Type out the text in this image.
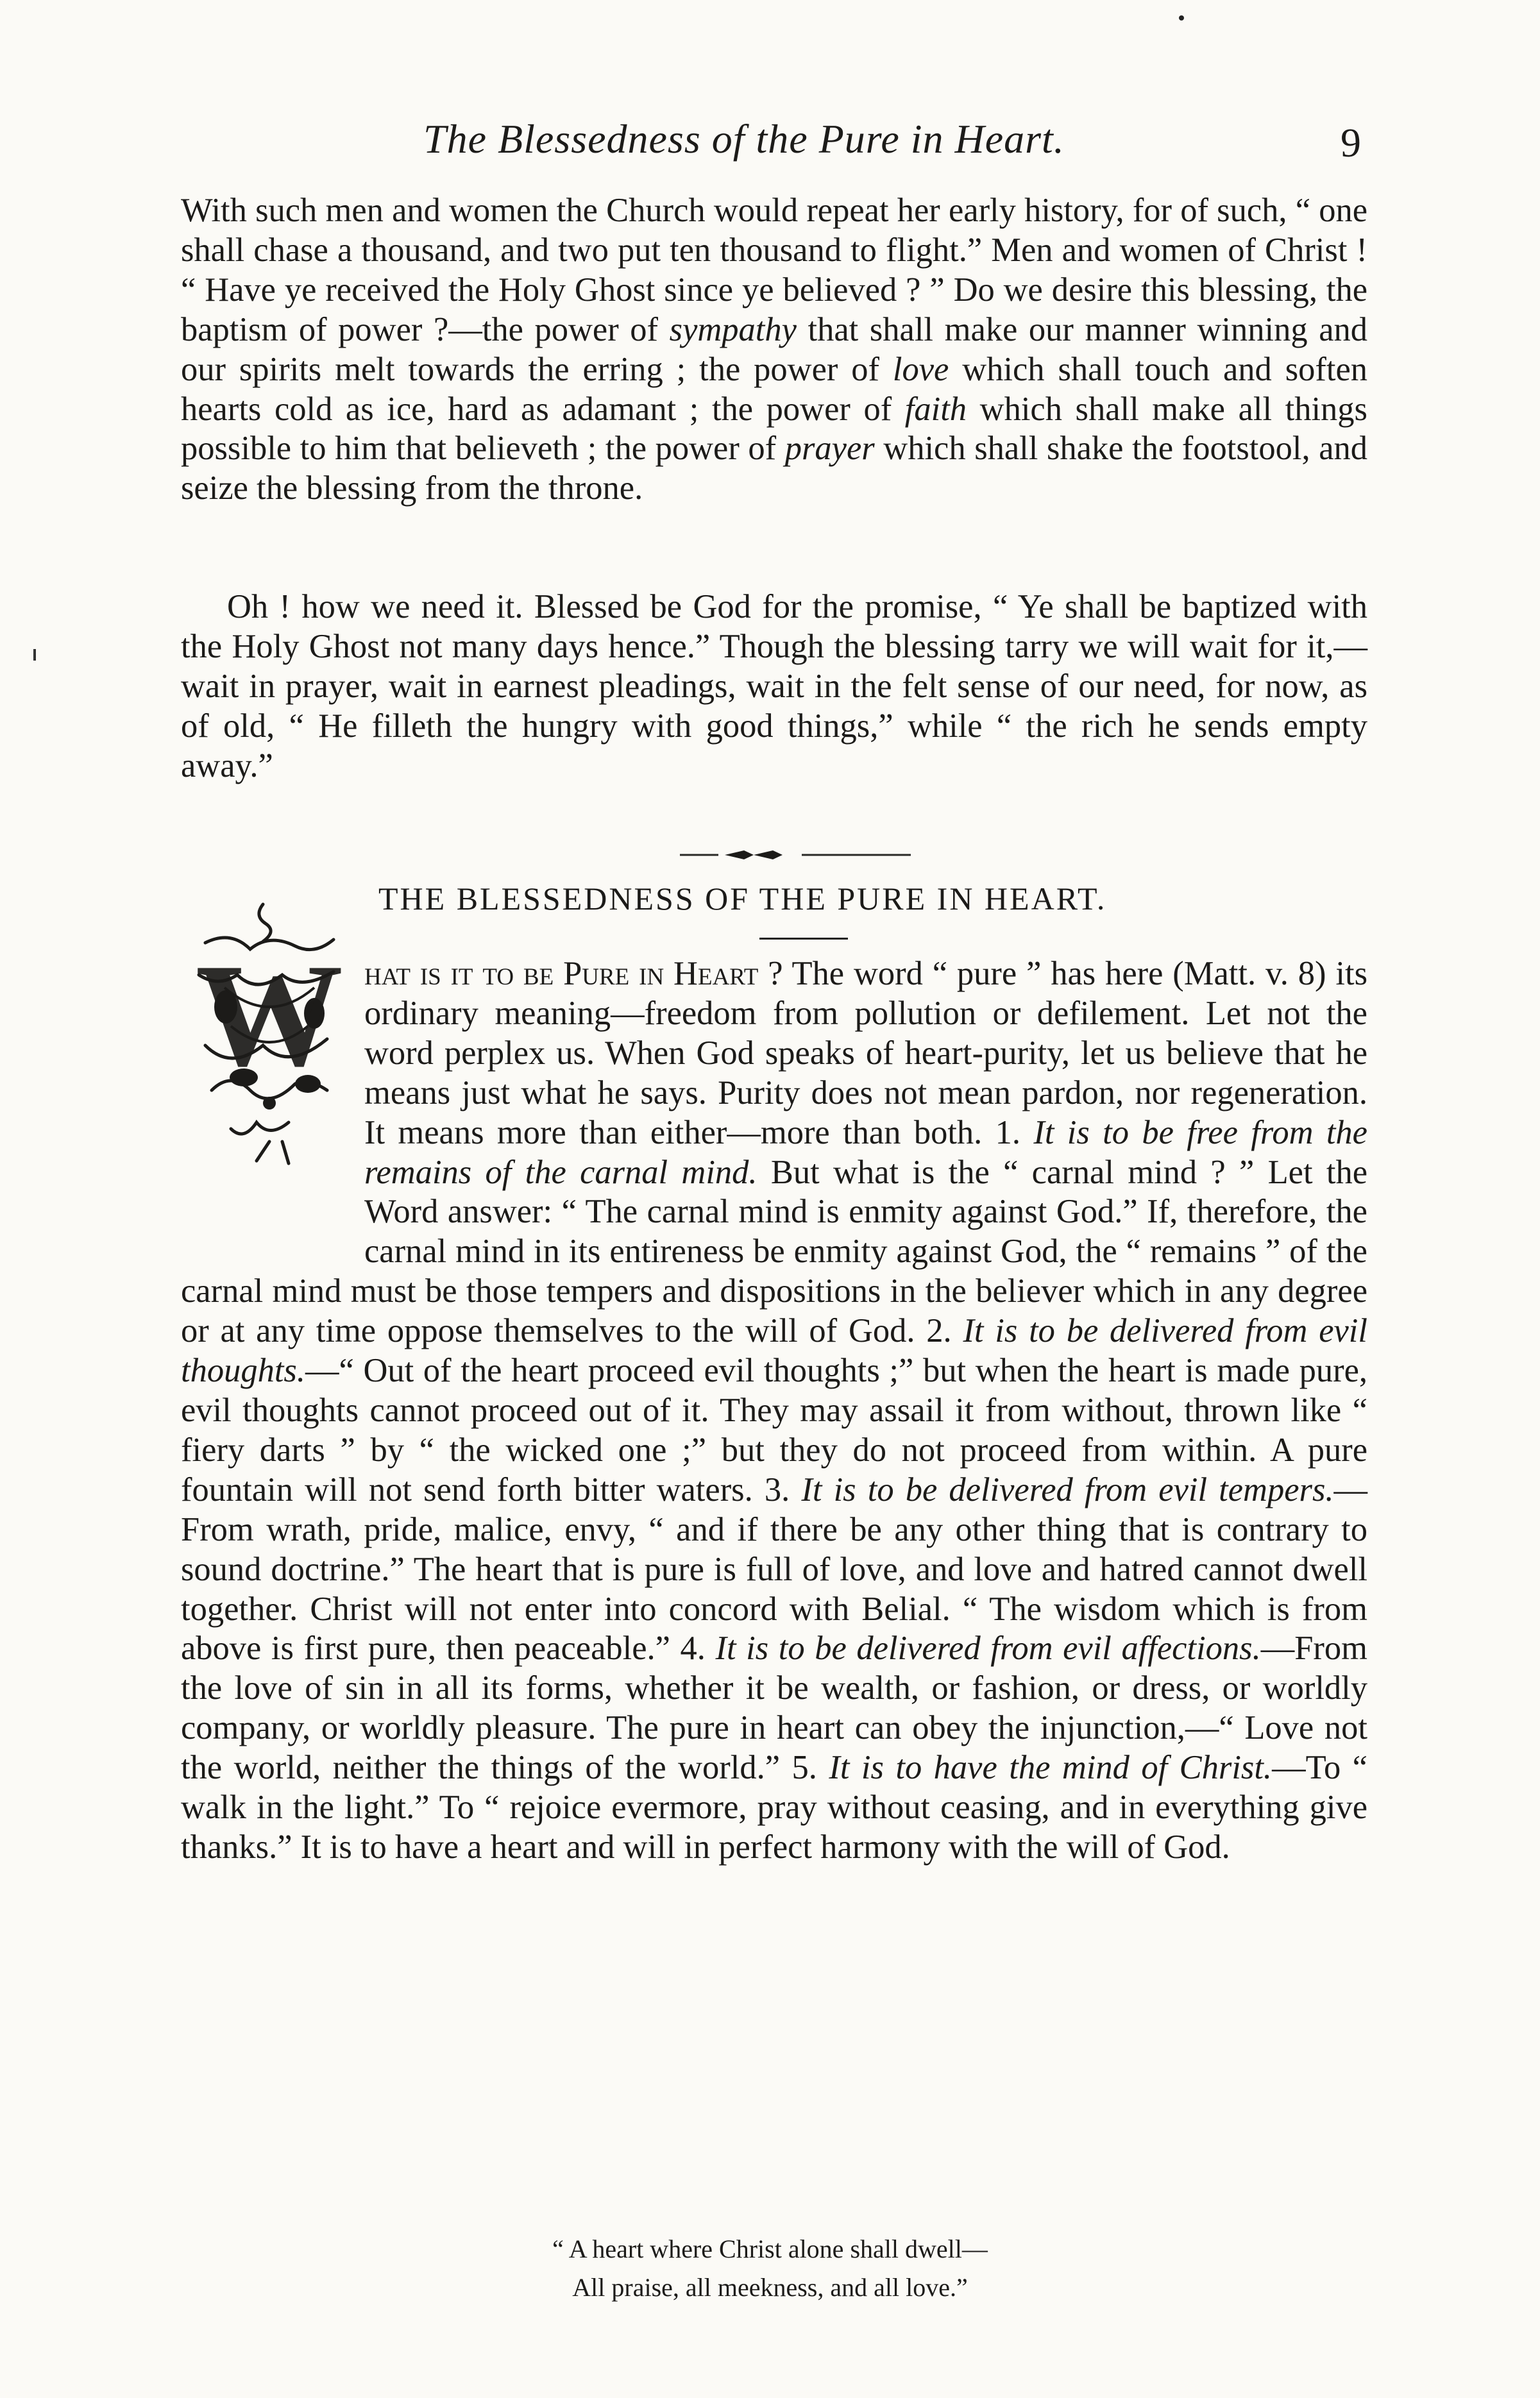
The Blessedness of the Pure in Heart.	9
With such men and women the Church would repeat her early history, for of such, “ one shall chase a thousand, and two put ten thousand to flight.” Men and women of Christ ! “ Have ye received the Holy Ghost since ye believed ? ” Do we desire this blessing, the baptism of power ?—the power of sympathy that shall make our manner winning and our spirits melt towards the erring ; the power of love which shall touch and soften hearts cold as ice, hard as adamant ; the power of faith which shall make all things possible to him that believeth ; the power of prayer which shall shake the footstool, and seize the blessing from the throne.
Oh ! how we need it. Blessed be God for the promise, “ Ye shall be baptized with the Holy Ghost not many days hence.” Though the blessing tarry we will wait for it,—wait in prayer, wait in earnest pleadings, wait in the felt sense of our need, for now, as of old, “ He filleth the hungry with good things,” while “ the rich he sends empty away.”
THE BLESSEDNESS OF THE PURE IN HEART.
hat is it to be Pure in Heart ? The word “ pure ” has here (Matt. v. 8) its ordinary meaning—freedom from pollution or defilement. Let not the word perplex us. When God speaks of heart-purity, let us believe that he means just what he says. Purity does not mean pardon, nor regeneration. It means more than either—more than both. 1. It is to be free from the remains of the carnal mind. But what is the “ carnal mind ? ” Let the Word answer: “ The carnal mind is enmity against God.” If, therefore, the carnal mind in its entireness be enmity against God, the “ remains ” of the carnal mind must be those tempers and dispositions in the believer which in any degree or at any time oppose themselves to the will of God. 2. It is to be delivered from evil thoughts.—“ Out of the heart proceed evil thoughts ;” but when the heart is made pure, evil thoughts cannot proceed out of it. They may assail it from without, thrown like “ fiery darts ” by “ the wicked one ;” but they do not proceed from within. A pure fountain will not send forth bitter waters. 3. It is to be delivered from evil tempers.—From wrath, pride, malice, envy, “ and if there be any other thing that is contrary to sound doctrine.” The heart that is pure is full of love, and love and hatred cannot dwell together. Christ will not enter into concord with Belial. “ The wisdom which is from above is first pure, then peaceable.” 4. It is to be delivered from evil affections.—From the love of sin in all its forms, whether it be wealth, or fashion, or dress, or worldly company, or worldly pleasure. The pure in heart can obey the injunction,—“ Love not the world, neither the things of the world.” 5. It is to have the mind of Christ.—To “ walk in the light.” To “ rejoice evermore, pray without ceasing, and in everything give thanks.” It is to have a heart and will in perfect harmony with the will of God.
W
“ A heart where Christ alone shall dwell—
All praise, all meekness, and all love.”
